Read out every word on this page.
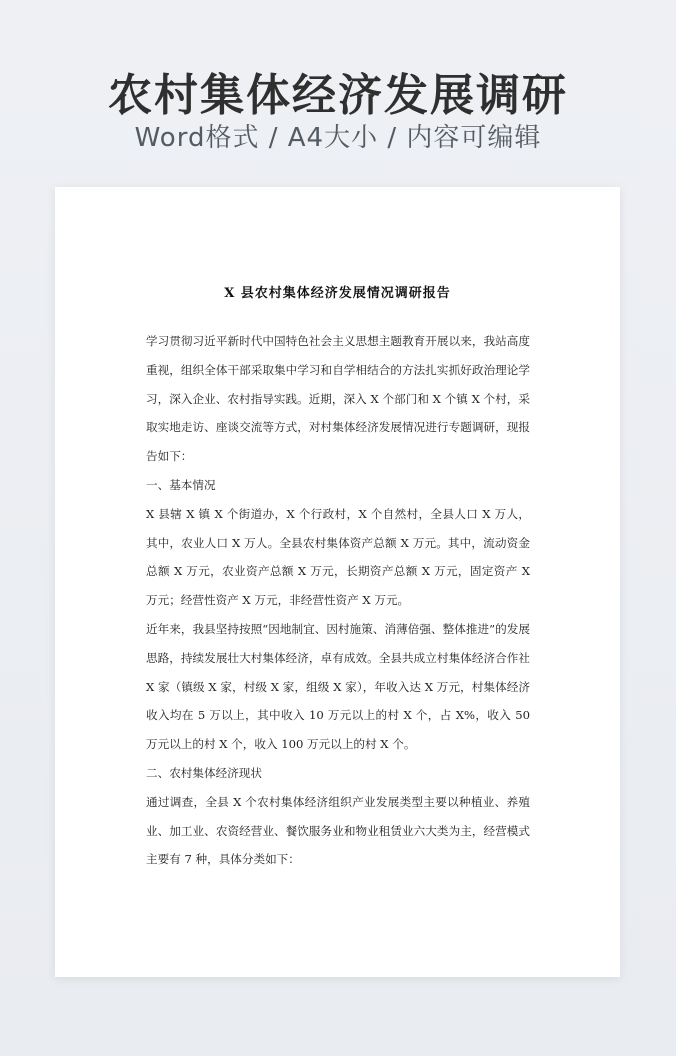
农村集体经济发展调研
Word格式 / A4大小 / 内容可编辑
X 县农村集体经济发展情况调研报告

学习贯彻习近平新时代中国特色社会主义思想主题教育开展以来，我站高度重视，组织全体干部采取集中学习和自学相结合的方法扎实抓好政治理论学习，深入企业、农村指导实践。近期，深入 X 个部门和 X 个镇 X 个村，采取实地走访、座谈交流等方式，对村集体经济发展情况进行专题调研，现报告如下：

一、基本情况

X 县辖 X 镇 X 个街道办，X 个行政村，X 个自然村，全县人口 X 万人，其中，农业人口 X 万人。全县农村集体资产总额 X 万元。其中，流动资金总额 X 万元，农业资产总额 X 万元，长期资产总额 X 万元，固定资产 X 万元；经营性资产 X 万元，非经营性资产 X 万元。

近年来，我县坚持按照“因地制宜、因村施策、消薄倍强、整体推进”的发展思路，持续发展壮大村集体经济，卓有成效。全县共成立村集体经济合作社 X 家（镇级 X 家，村级 X 家，组级 X 家），年收入达 X 万元，村集体经济收入均在 5 万以上，其中收入 10 万元以上的村 X 个，占 X%，收入 50 万元以上的村 X 个，收入 100 万元以上的村 X 个。

二、农村集体经济现状

通过调查，全县 X 个农村集体经济组织产业发展类型主要以种植业、养殖业、加工业、农资经营业、餐饮服务业和物业租赁业六大类为主，经营模式主要有 7 种，具体分类如下：
